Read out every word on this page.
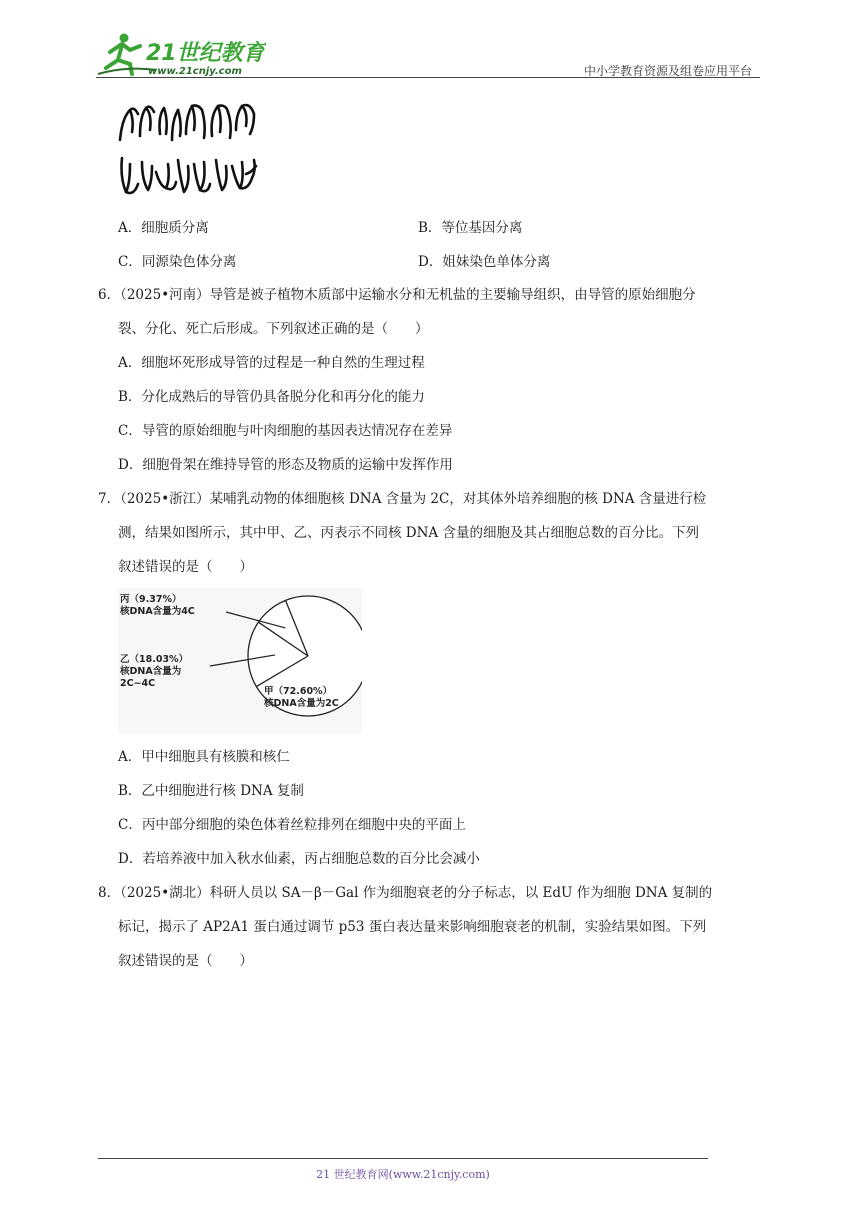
21世纪教育
www.21cnjy.com	中小学教育资源及组卷应用平台
A．细胞质分离	B．等位基因分离
C．同源染色体分离	D．姐妹染色单体分离
6．（2025•河南）导管是被子植物木质部中运输水分和无机盐的主要输导组织，由导管的原始细胞分
裂、分化、死亡后形成。下列叙述正确的是（　　）
A．细胞坏死形成导管的过程是一种自然的生理过程
B．分化成熟后的导管仍具备脱分化和再分化的能力
C．导管的原始细胞与叶肉细胞的基因表达情况存在差异
D．细胞骨架在维持导管的形态及物质的运输中发挥作用
7．（2025•浙江）某哺乳动物的体细胞核 DNA 含量为 2C，对其体外培养细胞的核 DNA 含量进行检
测，结果如图所示，其中甲、乙、丙表示不同核 DNA 含量的细胞及其占细胞总数的百分比。下列
叙述错误的是（　　）
丙（9.37%）
核DNA含量为4C
乙（18.03%）
核DNA含量为
2C~4C
甲（72.60%）
核DNA含量为2C
A．甲中细胞具有核膜和核仁
B．乙中细胞进行核 DNA 复制
C．丙中部分细胞的染色体着丝粒排列在细胞中央的平面上
D．若培养液中加入秋水仙素，丙占细胞总数的百分比会减小
8．（2025•湖北）科研人员以 SA－β－Gal 作为细胞衰老的分子标志，以 EdU 作为细胞 DNA 复制的
标记，揭示了 AP2A1 蛋白通过调节 p53 蛋白表达量来影响细胞衰老的机制，实验结果如图。下列
叙述错误的是（　　）
21 世纪教育网(www.21cnjy.com)
